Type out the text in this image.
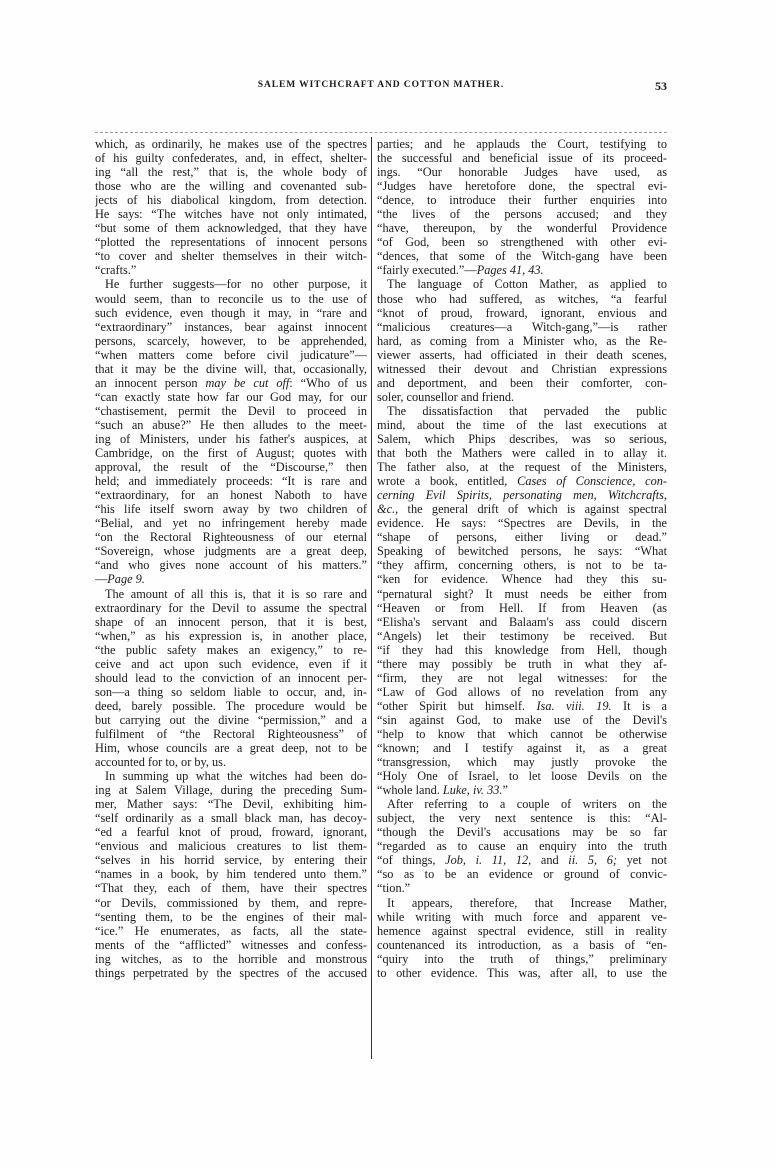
SALEM WITCHCRAFT AND COTTON MATHER.	53
which, as ordinarily, he makes use of the spectres
of his guilty confederates, and, in effect, shelter-
ing “all the rest,” that is, the whole body of
those who are the willing and covenanted sub-
jects of his diabolical kingdom, from detection.
He says: “The witches have not only intimated,
“but some of them acknowledged, that they have
“plotted the representations of innocent persons
“to cover and shelter themselves in their witch-
“crafts.”
He further suggests—for no other purpose, it
would seem, than to reconcile us to the use of
such evidence, even though it may, in “rare and
“extraordinary” instances, bear against innocent
persons, scarcely, however, to be apprehended,
“when matters come before civil judicature”—
that it may be the divine will, that, occasionally,
an innocent person may be cut off: “Who of us
“can exactly state how far our God may, for our
“chastisement, permit the Devil to proceed in
“such an abuse?” He then alludes to the meet-
ing of Ministers, under his father's auspices, at
Cambridge, on the first of August; quotes with
approval, the result of the “Discourse,” then
held; and immediately proceeds: “It is rare and
“extraordinary, for an honest Naboth to have
“his life itself sworn away by two children of
“Belial, and yet no infringement hereby made
“on the Rectoral Righteousness of our eternal
“Sovereign, whose judgments are a great deep,
“and who gives none account of his matters.”
—Page 9.
The amount of all this is, that it is so rare and
extraordinary for the Devil to assume the spectral
shape of an innocent person, that it is best,
“when,” as his expression is, in another place,
“the public safety makes an exigency,” to re-
ceive and act upon such evidence, even if it
should lead to the conviction of an innocent per-
son—a thing so seldom liable to occur, and, in-
deed, barely possible. The procedure would be
but carrying out the divine “permission,” and a
fulfilment of “the Rectoral Righteousness” of
Him, whose councils are a great deep, not to be
accounted for to, or by, us.
In summing up what the witches had been do-
ing at Salem Village, during the preceding Sum-
mer, Mather says: “The Devil, exhibiting him-
“self ordinarily as a small black man, has decoy-
“ed a fearful knot of proud, froward, ignorant,
“envious and malicious creatures to list them-
“selves in his horrid service, by entering their
“names in a book, by him tendered unto them.”
“That they, each of them, have their spectres
“or Devils, commissioned by them, and repre-
“senting them, to be the engines of their mal-
“ice.” He enumerates, as facts, all the state-
ments of the “afflicted” witnesses and confess-
ing witches, as to the horrible and monstrous
things perpetrated by the spectres of the accused
parties; and he applauds the Court, testifying to
the successful and beneficial issue of its proceed-
ings. “Our honorable Judges have used, as
“Judges have heretofore done, the spectral evi-
“dence, to introduce their further enquiries into
“the lives of the persons accused; and they
“have, thereupon, by the wonderful Providence
“of God, been so strengthened with other evi-
“dences, that some of the Witch-gang have been
“fairly executed.”—Pages 41, 43.
The language of Cotton Mather, as applied to
those who had suffered, as witches, “a fearful
“knot of proud, froward, ignorant, envious and
“malicious creatures—a Witch-gang,”—is rather
hard, as coming from a Minister who, as the Re-
viewer asserts, had officiated in their death scenes,
witnessed their devout and Christian expressions
and deportment, and been their comforter, con-
soler, counsellor and friend.
The dissatisfaction that pervaded the public
mind, about the time of the last executions at
Salem, which Phips describes, was so serious,
that both the Mathers were called in to allay it.
The father also, at the request of the Ministers,
wrote a book, entitled, Cases of Conscience, con-
cerning Evil Spirits, personating men, Witchcrafts,
&c., the general drift of which is against spectral
evidence. He says: “Spectres are Devils, in the
“shape of persons, either living or dead.”
Speaking of bewitched persons, he says: “What
“they affirm, concerning others, is not to be ta-
“ken for evidence. Whence had they this su-
“pernatural sight? It must needs be either from
“Heaven or from Hell. If from Heaven (as
“Elisha's servant and Balaam's ass could discern
“Angels) let their testimony be received. But
“if they had this knowledge from Hell, though
“there may possibly be truth in what they af-
“firm, they are not legal witnesses: for the
“Law of God allows of no revelation from any
“other Spirit but himself. Isa. viii. 19. It is a
“sin against God, to make use of the Devil's
“help to know that which cannot be otherwise
“known; and I testify against it, as a great
“transgression, which may justly provoke the
“Holy One of Israel, to let loose Devils on the
“whole land. Luke, iv. 33.”
After referring to a couple of writers on the
subject, the very next sentence is this: “Al-
“though the Devil's accusations may be so far
“regarded as to cause an enquiry into the truth
“of things, Job, i. 11, 12, and ii. 5, 6; yet not
“so as to be an evidence or ground of convic-
“tion.”
It appears, therefore, that Increase Mather,
while writing with much force and apparent ve-
hemence against spectral evidence, still in reality
countenanced its introduction, as a basis of “en-
“quiry into the truth of things,” preliminary
to other evidence. This was, after all, to use the
